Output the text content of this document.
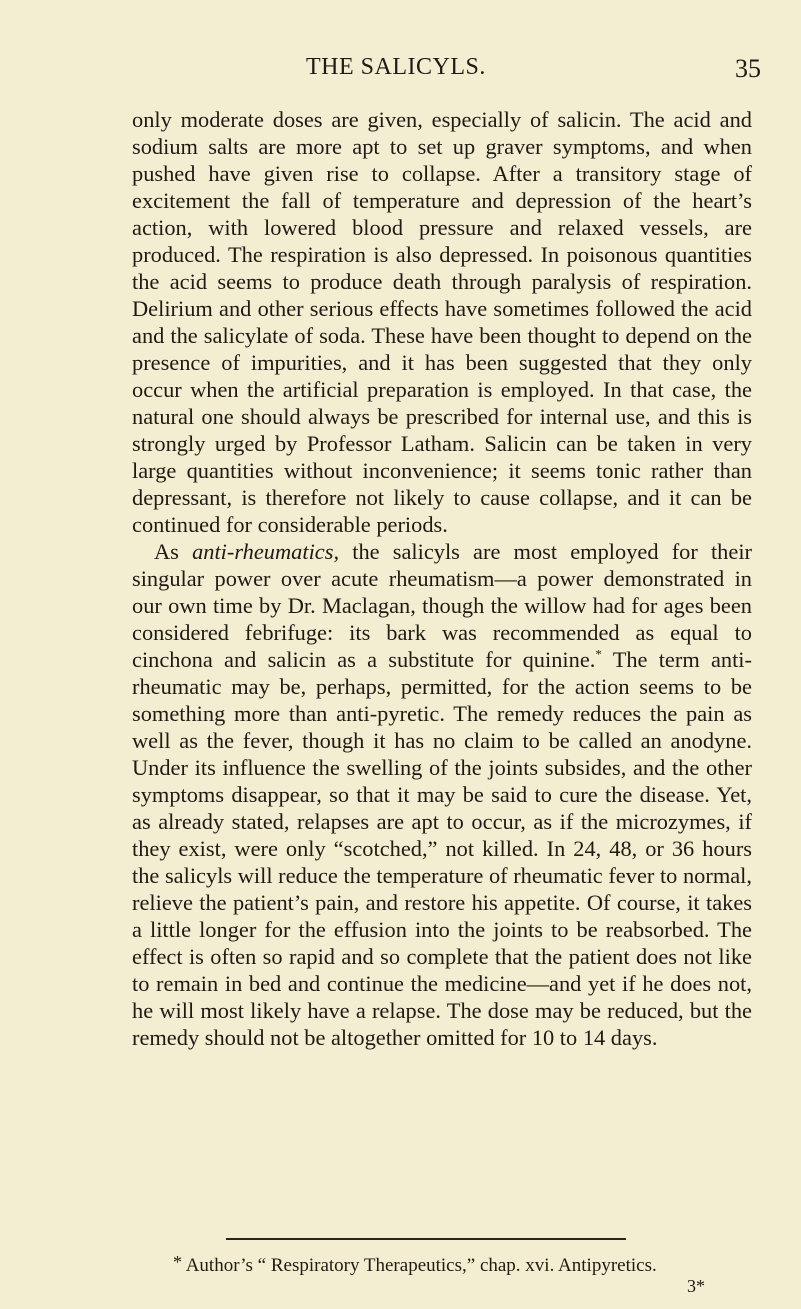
THE SALICYLS.	35

only moderate doses are given, especially of salicin. The acid and sodium salts are more apt to set up graver symptoms, and when pushed have given rise to collapse. After a transitory stage of excitement the fall of temperature and depression of the heart’s action, with lowered blood pressure and relaxed vessels, are produced. The respiration is also depressed. In poisonous quantities the acid seems to produce death through paralysis of respiration. Delirium and other serious effects have sometimes followed the acid and the salicylate of soda. These have been thought to depend on the presence of impurities, and it has been suggested that they only occur when the artificial preparation is employed. In that case, the natural one should always be prescribed for internal use, and this is strongly urged by Professor Latham. Salicin can be taken in very large quantities without inconvenience; it seems tonic rather than depressant, is therefore not likely to cause collapse, and it can be continued for considerable periods.

As anti-rheumatics, the salicyls are most employed for their singular power over acute rheumatism—a power demonstrated in our own time by Dr. Maclagan, though the willow had for ages been considered febrifuge: its bark was recommended as equal to cinchona and salicin as a substitute for quinine.* The term anti-rheumatic may be, perhaps, permitted, for the action seems to be something more than anti-pyretic. The remedy reduces the pain as well as the fever, though it has no claim to be called an anodyne. Under its influence the swelling of the joints subsides, and the other symptoms disappear, so that it may be said to cure the disease. Yet, as already stated, relapses are apt to occur, as if the microzymes, if they exist, were only “scotched,” not killed. In 24, 48, or 36 hours the salicyls will reduce the temperature of rheumatic fever to normal, relieve the patient’s pain, and restore his appetite. Of course, it takes a little longer for the effusion into the joints to be reabsorbed. The effect is often so rapid and so complete that the patient does not like to remain in bed and continue the medicine—and yet if he does not, he will most likely have a relapse. The dose may be reduced, but the remedy should not be altogether omitted for 10 to 14 days.

* Author’s “ Respiratory Therapeutics,” chap. xvi. Antipyretics.
3*
